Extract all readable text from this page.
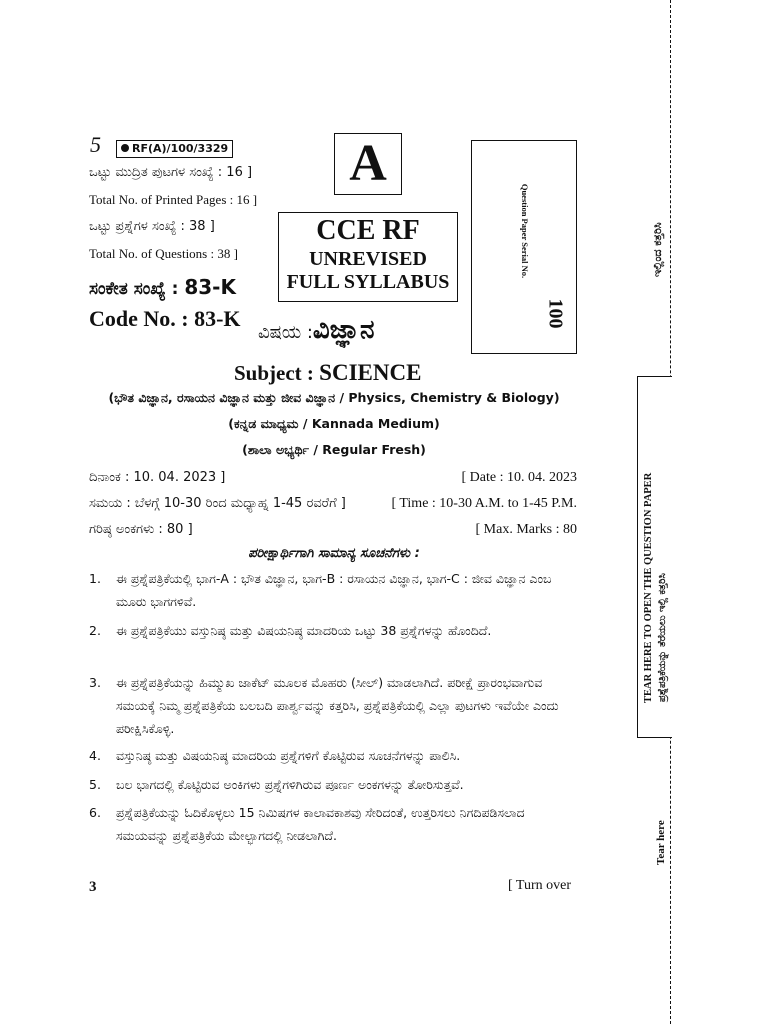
5	RF(A)/100/3329
ಒಟ್ಟು ಮುದ್ರಿತ ಪುಟಗಳ ಸಂಖ್ಯೆ : 16 ]
Total No. of Printed Pages : 16 ]
ಒಟ್ಟು ಪ್ರಶ್ನೆಗಳ ಸಂಖ್ಯೆ : 38 ]
Total No. of Questions : 38 ]
ಸಂಕೇತ ಸಂಖ್ಯೆ : 83-K
Code No. : 83-K
A
CCE RF
UNREVISED
FULL SYLLABUS
Question Paper Serial No.
100
ವಿಷಯ :ವಿಜ್ಞಾನ
Subject : SCIENCE
(ಭೌತ ವಿಜ್ಞಾನ, ರಸಾಯನ ವಿಜ್ಞಾನ ಮತ್ತು ಜೀವ ವಿಜ್ಞಾನ / Physics, Chemistry & Biology)
(ಕನ್ನಡ ಮಾಧ್ಯಮ / Kannada Medium)
(ಶಾಲಾ ಅಭ್ಯರ್ಥಿ / Regular Fresh)
ದಿನಾಂಕ : 10. 04. 2023 ]	[ Date : 10. 04. 2023
ಸಮಯ : ಬೆಳಗ್ಗೆ 10-30 ರಿಂದ ಮಧ್ಯಾಹ್ನ 1-45 ರವರೆಗೆ ]	[ Time : 10-30 A.M. to 1-45 P.M.
ಗರಿಷ್ಠ ಅಂಕಗಳು : 80 ]	[ Max. Marks : 80
ಪರೀಕ್ಷಾರ್ಥಿಗಾಗಿ ಸಾಮಾನ್ಯ ಸೂಚನೆಗಳು :
1.	ಈ ಪ್ರಶ್ನೆಪತ್ರಿಕೆಯಲ್ಲಿ ಭಾಗ-A : ಭೌತ ವಿಜ್ಞಾನ, ಭಾಗ-B : ರಸಾಯನ ವಿಜ್ಞಾನ, ಭಾಗ-C : ಜೀವ ವಿಜ್ಞಾನ ಎಂಬ ಮೂರು ಭಾಗಗಳಿವೆ.
2.	ಈ ಪ್ರಶ್ನೆಪತ್ರಿಕೆಯು ವಸ್ತುನಿಷ್ಠ ಮತ್ತು ವಿಷಯನಿಷ್ಠ ಮಾದರಿಯ ಒಟ್ಟು 38 ಪ್ರಶ್ನೆಗಳನ್ನು ಹೊಂದಿದೆ.
3.	ಈ ಪ್ರಶ್ನೆಪತ್ರಿಕೆಯನ್ನು ಹಿಮ್ಮುಖ ಜಾಕೆಟ್ ಮೂಲಕ ಮೊಹರು (ಸೀಲ್) ಮಾಡಲಾಗಿದೆ. ಪರೀಕ್ಷೆ ಪ್ರಾರಂಭವಾಗುವ ಸಮಯಕ್ಕೆ ನಿಮ್ಮ ಪ್ರಶ್ನೆಪತ್ರಿಕೆಯ ಬಲಬದಿ ಪಾರ್ಶ್ವವನ್ನು ಕತ್ತರಿಸಿ, ಪ್ರಶ್ನೆಪತ್ರಿಕೆಯಲ್ಲಿ ಎಲ್ಲಾ ಪುಟಗಳು ಇವೆಯೇ ಎಂದು ಪರೀಕ್ಷಿಸಿಕೊಳ್ಳಿ.
4.	ವಸ್ತುನಿಷ್ಠ ಮತ್ತು ವಿಷಯನಿಷ್ಠ ಮಾದರಿಯ ಪ್ರಶ್ನೆಗಳಿಗೆ ಕೊಟ್ಟಿರುವ ಸೂಚನೆಗಳನ್ನು ಪಾಲಿಸಿ.
5.	ಬಲ ಭಾಗದಲ್ಲಿ ಕೊಟ್ಟಿರುವ ಅಂಕಿಗಳು ಪ್ರಶ್ನೆಗಳಿಗಿರುವ ಪೂರ್ಣ ಅಂಕಗಳನ್ನು ತೋರಿಸುತ್ತವೆ.
6.	ಪ್ರಶ್ನೆಪತ್ರಿಕೆಯನ್ನು ಓದಿಕೊಳ್ಳಲು 15 ನಿಮಿಷಗಳ ಕಾಲಾವಕಾಶವು ಸೇರಿದಂತೆ, ಉತ್ತರಿಸಲು ನಿಗದಿಪಡಿಸಲಾದ ಸಮಯವನ್ನು ಪ್ರಶ್ನೆಪತ್ರಿಕೆಯ ಮೇಲ್ಭಾಗದಲ್ಲಿ ನೀಡಲಾಗಿದೆ.
3	[ Turn over
TEAR HERE TO OPEN THE QUESTION PAPER ಪ್ರಶ್ನೆಪತ್ರಿಕೆಯನ್ನು ತೆರೆಯಲು ಇಲ್ಲಿ ಕತ್ತರಿಸಿ
ಇಲ್ಲಿಂದ ಕತ್ತರಿಸಿ
Tear here
